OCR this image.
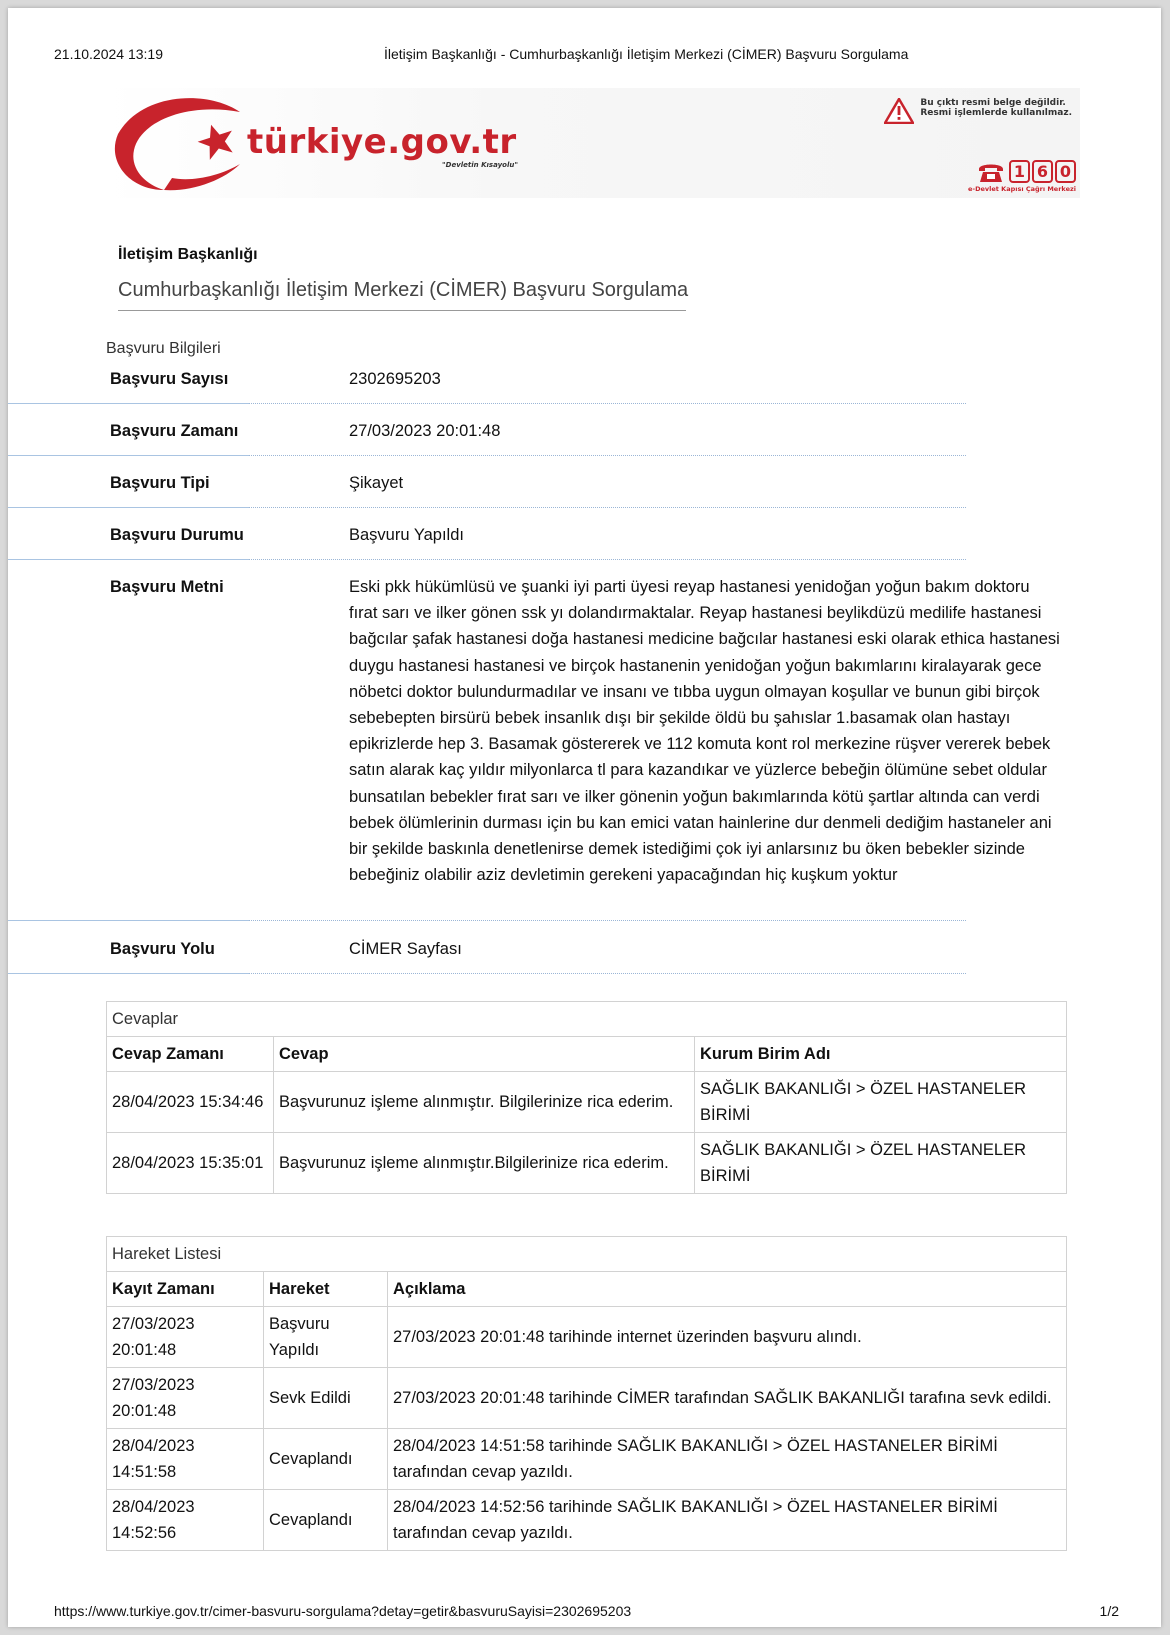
21.10.2024 13:19	İletişim Başkanlığı - Cumhurbaşkanlığı İletişim Merkezi (CİMER) Başvuru Sorgulama
türkiye.gov.tr
"Devletin Kısayolu"
Bu çıktı resmi belge değildir.
Resmi işlemlerde kullanılmaz.
1 6 0
e-Devlet Kapısı Çağrı Merkezi
İletişim Başkanlığı
Cumhurbaşkanlığı İletişim Merkezi (CİMER) Başvuru Sorgulama
Başvuru Bilgileri
Başvuru Sayısı	2302695203
Başvuru Zamanı	27/03/2023 20:01:48
Başvuru Tipi	Şikayet
Başvuru Durumu	Başvuru Yapıldı
Başvuru Metni	Eski pkk hükümlüsü ve şuanki iyi parti üyesi reyap hastanesi yenidoğan yoğun bakım doktoru fırat sarı ve ilker gönen ssk yı dolandırmaktalar. Reyap hastanesi beylikdüzü medilife hastanesi bağcılar şafak hastanesi doğa hastanesi medicine bağcılar hastanesi eski olarak ethica hastanesi duygu hastanesi hastanesi ve birçok hastanenin yenidoğan yoğun bakımlarını kiralayarak gece nöbetci doktor bulundurmadılar ve insanı ve tıbba uygun olmayan koşullar ve bunun gibi birçok sebebepten birsürü bebek insanlık dışı bir şekilde öldü bu şahıslar 1.basamak olan hastayı epikrizlerde hep 3. Basamak göstererek ve 112 komuta kont rol merkezine rüşver vererek bebek satın alarak kaç yıldır milyonlarca tl para kazandıkar ve yüzlerce bebeğin ölümüne sebet oldular bunsatılan bebekler fırat sarı ve ilker gönenin yoğun bakımlarında kötü şartlar altında can verdi bebek ölümlerinin durması için bu kan emici vatan hainlerine dur denmeli dediğim hastaneler ani bir şekilde baskınla denetlenirse demek istediğimi çok iyi anlarsınız bu öken bebekler sizinde bebeğiniz olabilir aziz devletimin gerekeni yapacağından hiç kuşkum yoktur
Başvuru Yolu	CİMER Sayfası
Cevaplar		
Cevap Zamanı	Cevap	Kurum Birim Adı
28/04/2023 15:34:46	Başvurunuz işleme alınmıştır. Bilgilerinize rica ederim.	SAĞLIK BAKANLIĞI > ÖZEL HASTANELER BİRİMİ
28/04/2023 15:35:01	Başvurunuz işleme alınmıştır.Bilgilerinize rica ederim.	SAĞLIK BAKANLIĞI > ÖZEL HASTANELER BİRİMİ
Hareket Listesi		
Kayıt Zamanı	Hareket	Açıklama
27/03/2023 20:01:48	Başvuru Yapıldı	27/03/2023 20:01:48 tarihinde internet üzerinden başvuru alındı.
27/03/2023 20:01:48	Sevk Edildi	27/03/2023 20:01:48 tarihinde CİMER tarafından SAĞLIK BAKANLIĞI tarafına sevk edildi.
28/04/2023 14:51:58	Cevaplandı	28/04/2023 14:51:58 tarihinde SAĞLIK BAKANLIĞI > ÖZEL HASTANELER BİRİMİ tarafından cevap yazıldı.
28/04/2023 14:52:56	Cevaplandı	28/04/2023 14:52:56 tarihinde SAĞLIK BAKANLIĞI > ÖZEL HASTANELER BİRİMİ tarafından cevap yazıldı.
https://www.turkiye.gov.tr/cimer-basvuru-sorgulama?detay=getir&basvuruSayisi=2302695203	1/2
